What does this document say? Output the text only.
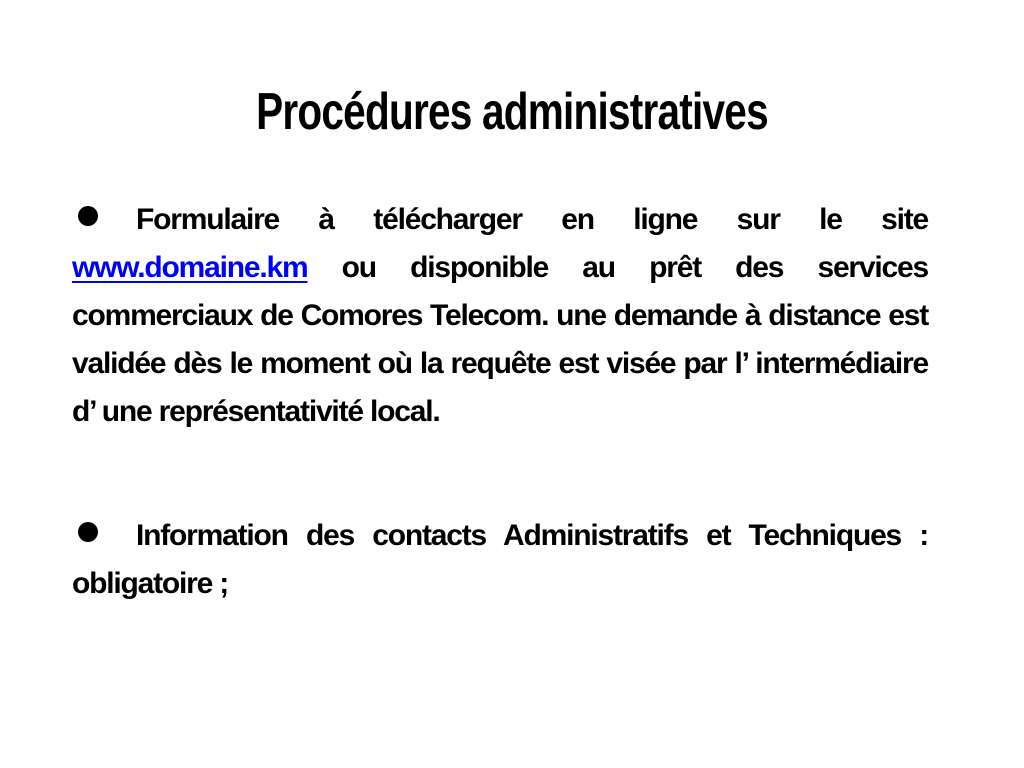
Procédures administratives

Formulaire à télécharger en ligne sur le site www.domaine.km ou disponible au prêt des services commerciaux de Comores Telecom. une demande à distance est validée dès le moment où la requête est visée par l’ intermédiaire d’ une représentativité local.

Information des contacts Administratifs et Techniques : obligatoire ;
